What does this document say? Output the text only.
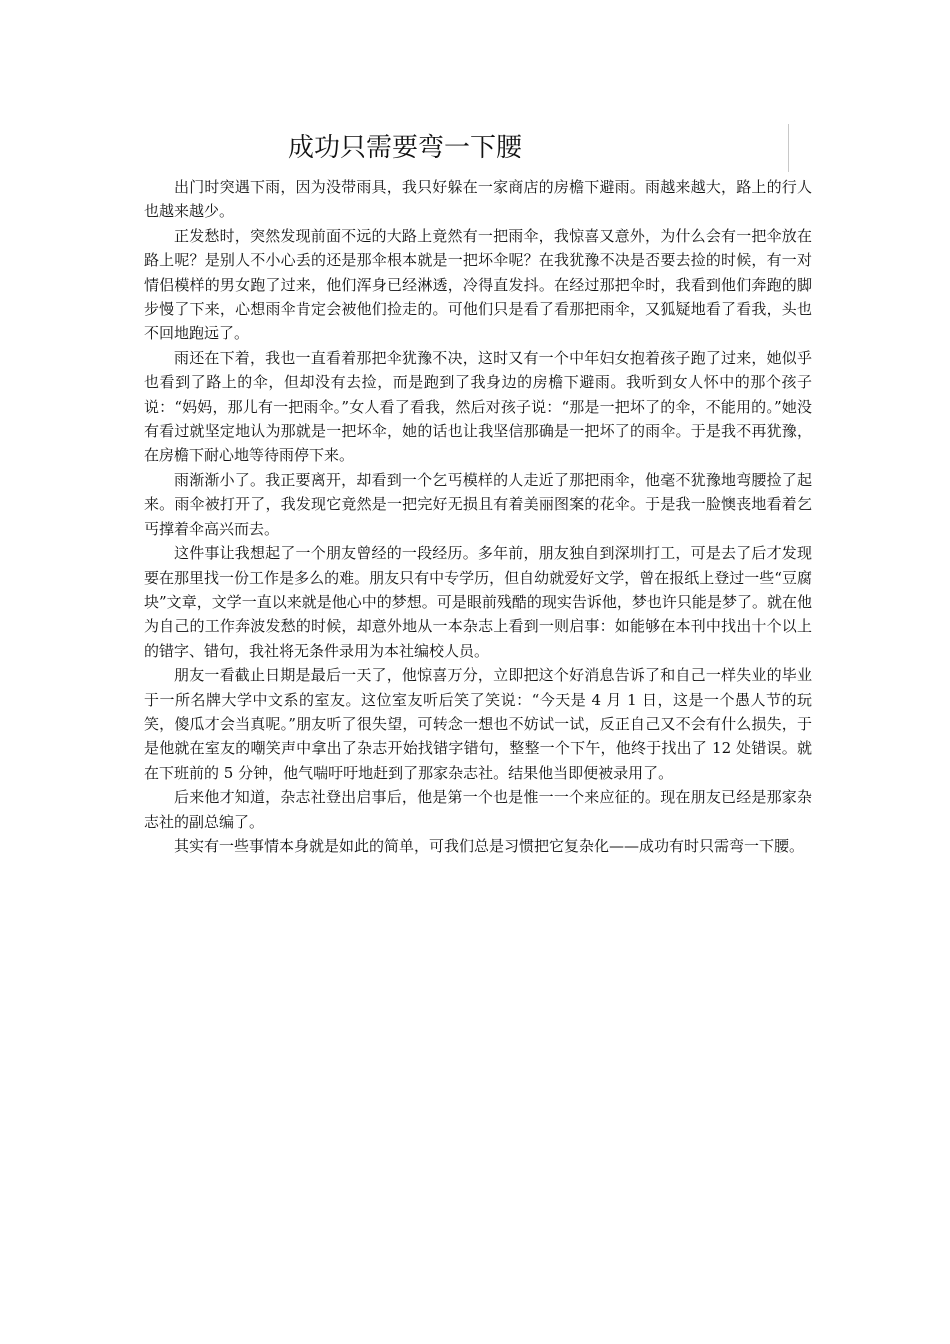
成功只需要弯一下腰

出门时突遇下雨，因为没带雨具，我只好躲在一家商店的房檐下避雨。雨越来越大，路上的行人也越来越少。

正发愁时，突然发现前面不远的大路上竟然有一把雨伞，我惊喜又意外，为什么会有一把伞放在路上呢？是别人不小心丢的还是那伞根本就是一把坏伞呢？在我犹豫不决是否要去捡的时候，有一对情侣模样的男女跑了过来，他们浑身已经淋透，冷得直发抖。在经过那把伞时，我看到他们奔跑的脚步慢了下来，心想雨伞肯定会被他们捡走的。可他们只是看了看那把雨伞，又狐疑地看了看我，头也不回地跑远了。

雨还在下着，我也一直看着那把伞犹豫不决，这时又有一个中年妇女抱着孩子跑了过来，她似乎也看到了路上的伞，但却没有去捡，而是跑到了我身边的房檐下避雨。我听到女人怀中的那个孩子说：“妈妈，那儿有一把雨伞。”女人看了看我，然后对孩子说：“那是一把坏了的伞，不能用的。”她没有看过就坚定地认为那就是一把坏伞，她的话也让我坚信那确是一把坏了的雨伞。于是我不再犹豫，在房檐下耐心地等待雨停下来。

雨渐渐小了。我正要离开，却看到一个乞丐模样的人走近了那把雨伞，他毫不犹豫地弯腰捡了起来。雨伞被打开了，我发现它竟然是一把完好无损且有着美丽图案的花伞。于是我一脸懊丧地看着乞丐撑着伞高兴而去。

这件事让我想起了一个朋友曾经的一段经历。多年前，朋友独自到深圳打工，可是去了后才发现要在那里找一份工作是多么的难。朋友只有中专学历，但自幼就爱好文学，曾在报纸上登过一些“豆腐块”文章，文学一直以来就是他心中的梦想。可是眼前残酷的现实告诉他，梦也许只能是梦了。就在他为自己的工作奔波发愁的时候，却意外地从一本杂志上看到一则启事：如能够在本刊中找出十个以上的错字、错句，我社将无条件录用为本社编校人员。

朋友一看截止日期是最后一天了，他惊喜万分，立即把这个好消息告诉了和自己一样失业的毕业于一所名牌大学中文系的室友。这位室友听后笑了笑说：“今天是 4 月 1 日，这是一个愚人节的玩笑，傻瓜才会当真呢。”朋友听了很失望，可转念一想也不妨试一试，反正自己又不会有什么损失，于是他就在室友的嘲笑声中拿出了杂志开始找错字错句，整整一个下午，他终于找出了 12 处错误。就在下班前的 5 分钟，他气喘吁吁地赶到了那家杂志社。结果他当即便被录用了。

后来他才知道，杂志社登出启事后，他是第一个也是惟一一个来应征的。现在朋友已经是那家杂志社的副总编了。

其实有一些事情本身就是如此的简单，可我们总是习惯把它复杂化——成功有时只需弯一下腰。
